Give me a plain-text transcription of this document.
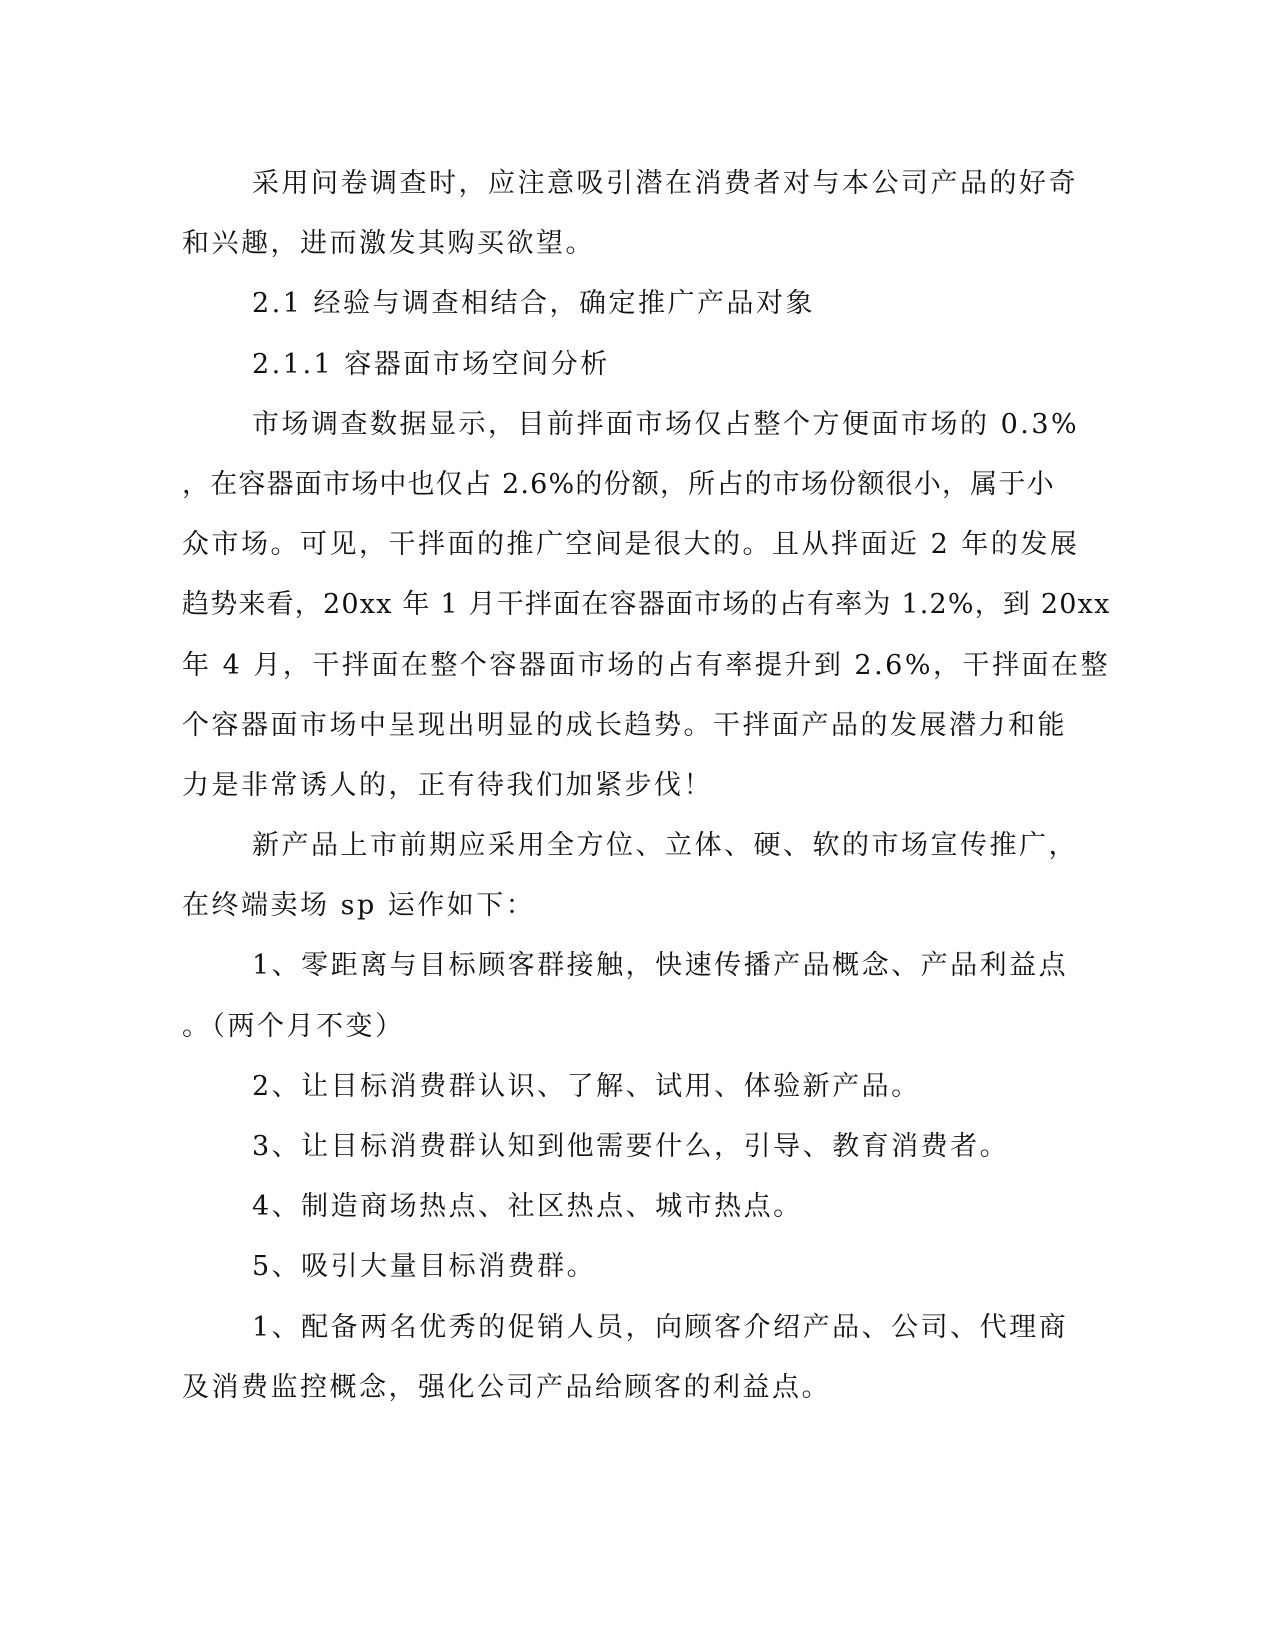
采用问卷调查时，应注意吸引潜在消费者对与本公司产品的好奇
和兴趣，进而激发其购买欲望。
2.1 经验与调查相结合，确定推广产品对象
2.1.1 容器面市场空间分析
市场调查数据显示，目前拌面市场仅占整个方便面市场的 0.3%
，在容器面市场中也仅占 2.6%的份额，所占的市场份额很小，属于小
众市场。可见，干拌面的推广空间是很大的。且从拌面近 2 年的发展
趋势来看，20xx 年 1 月干拌面在容器面市场的占有率为 1.2%，到 20xx
年 4 月，干拌面在整个容器面市场的占有率提升到 2.6%，干拌面在整
个容器面市场中呈现出明显的成长趋势。干拌面产品的发展潜力和能
力是非常诱人的，正有待我们加紧步伐！
新产品上市前期应采用全方位、立体、硬、软的市场宣传推广，
在终端卖场 sp 运作如下：
1、零距离与目标顾客群接触，快速传播产品概念、产品利益点
。（两个月不变）
2、让目标消费群认识、了解、试用、体验新产品。
3、让目标消费群认知到他需要什么，引导、教育消费者。
4、制造商场热点、社区热点、城市热点。
5、吸引大量目标消费群。
1、配备两名优秀的促销人员，向顾客介绍产品、公司、代理商
及消费监控概念，强化公司产品给顾客的利益点。
